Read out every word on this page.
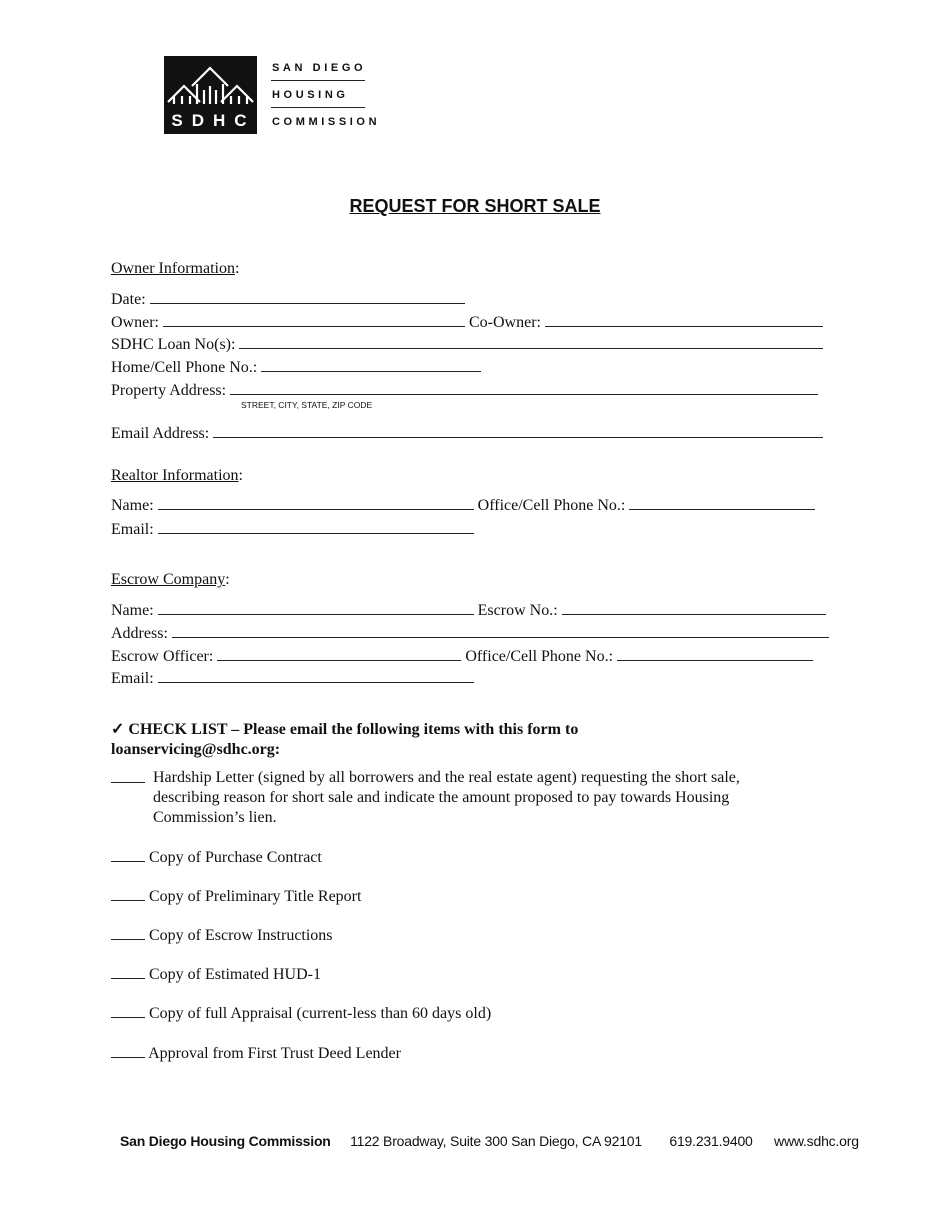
SDHC
SAN DIEGO
HOUSING
COMMISSION
REQUEST FOR SHORT SALE
Owner Information:
Date:
Owner:	Co-Owner:
SDHC Loan No(s):
Home/Cell Phone No.:
Property Address:
STREET, CITY, STATE, ZIP CODE
Email Address:
Realtor Information:
Name:	Office/Cell Phone No.:
Email:
Escrow Company:
Name:	Escrow No.:
Address:
Escrow Officer:	Office/Cell Phone No.:
Email:
✓ CHECK LIST – Please email the following items with this form to
loanservicing@sdhc.org:
Hardship Letter (signed by all borrowers and the real estate agent) requesting the short sale,
describing reason for short sale and indicate the amount proposed to pay towards Housing
Commission’s lien.
Copy of Purchase Contract
Copy of Preliminary Title Report
Copy of Escrow Instructions
Copy of Estimated HUD-1
Copy of full Appraisal (current-less than 60 days old)
Approval from First Trust Deed Lender
San Diego Housing Commission 1122 Broadway, Suite 300 San Diego, CA 92101 619.231.9400 www.sdhc.org
